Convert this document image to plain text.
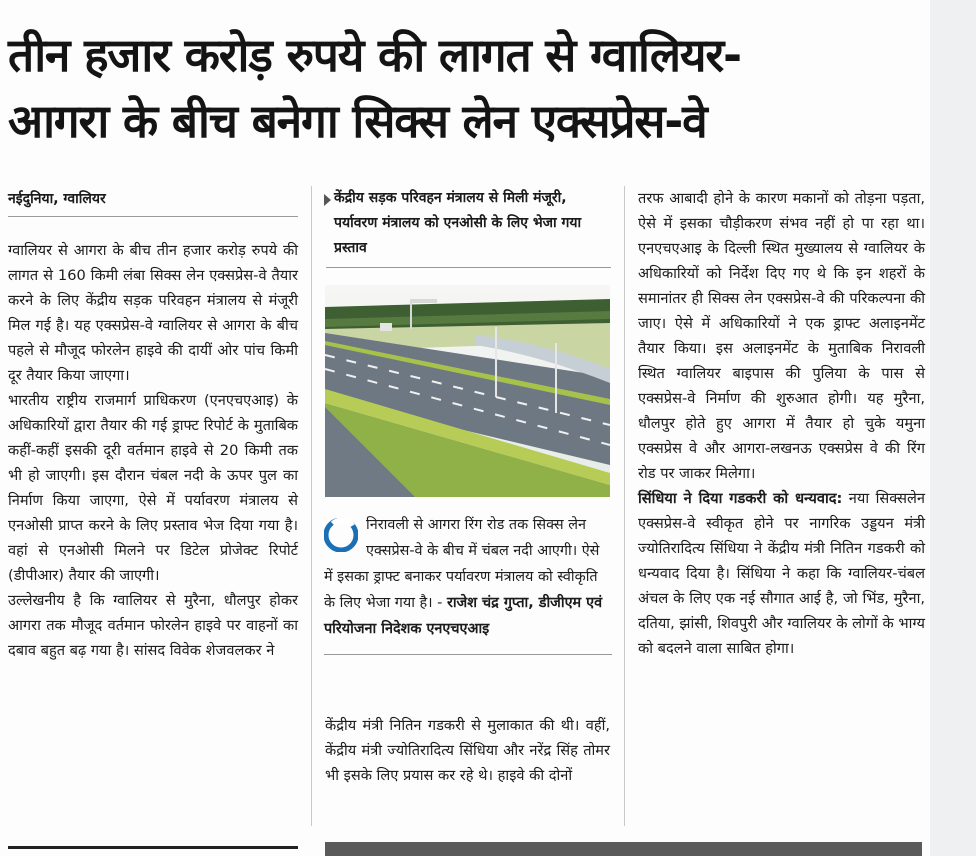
तीन हजार करोड़ रुपये की लागत से ग्वालियर-
आगरा के बीच बनेगा सिक्स लेन एक्सप्रेस-वे
नईदुनिया, ग्वालियर

ग्वालियर से आगरा के बीच तीन हजार करोड़ रुपये की लागत से 160 किमी लंबा सिक्स लेन एक्सप्रेस-वे तैयार करने के लिए केंद्रीय सड़क परिवहन मंत्रालय से मंजूरी मिल गई है। यह एक्सप्रेस-वे ग्वालियर से आगरा के बीच पहले से मौजूद फोरलेन हाइवे की दायीं ओर पांच किमी दूर तैयार किया जाएगा।

भारतीय राष्ट्रीय राजमार्ग प्राधिकरण (एनएचएआइ) के अधिकारियों द्वारा तैयार की गई ड्राफ्ट रिपोर्ट के मुताबिक कहीं-कहीं इसकी दूरी वर्तमान हाइवे से 20 किमी तक भी हो जाएगी। इस दौरान चंबल नदी के ऊपर पुल का निर्माण किया जाएगा, ऐसे में पर्यावरण मंत्रालय से एनओसी प्राप्त करने के लिए प्रस्ताव भेज दिया गया है। वहां से एनओसी मिलने पर डिटेल प्रोजेक्ट रिपोर्ट (डीपीआर) तैयार की जाएगी।

उल्लेखनीय है कि ग्वालियर से मुरैना, धौलपुर होकर आगरा तक मौजूद वर्तमान फोरलेन हाइवे पर वाहनों का दबाव बहुत बढ़ गया है। सांसद विवेक शेजवलकर ने

केंद्रीय सड़क परिवहन मंत्रालय से मिली मंजूरी, पर्यावरण मंत्रालय को एनओसी के लिए भेजा गया प्रस्ताव
निरावली से आगरा रिंग रोड तक सिक्स लेन एक्सप्रेस-वे के बीच में चंबल नदी आएगी। ऐसे में इसका ड्राफ्ट बनाकर पर्यावरण मंत्रालय को स्वीकृति के लिए भेजा गया है। - राजेश चंद्र गुप्ता, डीजीएम एवं परियोजना निदेशक एनएचएआइ

केंद्रीय मंत्री नितिन गडकरी से मुलाकात की थी। वहीं, केंद्रीय मंत्री ज्योतिरादित्य सिंधिया और नरेंद्र सिंह तोमर भी इसके लिए प्रयास कर रहे थे। हाइवे की दोनों

तरफ आबादी होने के कारण मकानों को तोड़ना पड़ता, ऐसे में इसका चौड़ीकरण संभव नहीं हो पा रहा था। एनएचएआइ के दिल्ली स्थित मुख्यालय से ग्वालियर के अधिकारियों को निर्देश दिए गए थे कि इन शहरों के समानांतर ही सिक्स लेन एक्सप्रेस-वे की परिकल्पना की जाए। ऐसे में अधिकारियों ने एक ड्राफ्ट अलाइनमेंट तैयार किया। इस अलाइनमेंट के मुताबिक निरावली स्थित ग्वालियर बाइपास की पुलिया के पास से एक्सप्रेस-वे निर्माण की शुरुआत होगी। यह मुरैना, धौलपुर होते हुए आगरा में तैयार हो चुके यमुना एक्सप्रेस वे और आगरा-लखनऊ एक्सप्रेस वे की रिंग रोड पर जाकर मिलेगा।

सिंधिया ने दिया गडकरी को धन्यवाद: नया सिक्सलेन एक्सप्रेस-वे स्वीकृत होने पर नागरिक उड्डयन मंत्री ज्योतिरादित्य सिंधिया ने केंद्रीय मंत्री नितिन गडकरी को धन्यवाद दिया है। सिंधिया ने कहा कि ग्वालियर-चंबल अंचल के लिए एक नई सौगात आई है, जो भिंड, मुरैना, दतिया, झांसी, शिवपुरी और ग्वालियर के लोगों के भाग्य को बदलने वाला साबित होगा।
